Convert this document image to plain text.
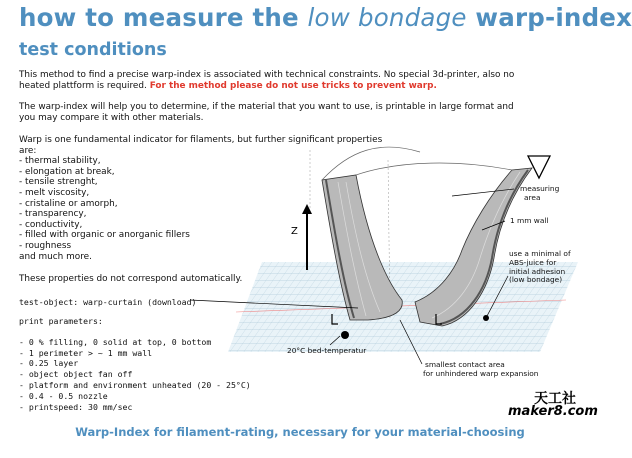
how to measure the low bondage warp-index
test conditions

This method to find a precise warp-index is associated with technical constraints. No special 3d-printer, also no
heated plattform is required. For the method please do not use tricks to prevent warp.

The warp-index will help you to determine, if the material that you want to use, is printable in large format and
you may compare it with other materials.

Warp is one fundamental indicator for filaments, but further significant properties
are:
- thermal stability,
- elongation at break,
- tensile strenght,
- melt viscosity,
- cristaline or amorph,
- transparency,
- conductivity,
- filled with organic or anorganic fillers
- roughness
and much more.

These properties do not correspond automatically.

test-object: warp-curtain (download)
print parameters:
- 0 % filling, 0 solid at top, 0 bottom
- 1 perimeter > ~ 1 mm wall
- 0.25 layer
- object object fan off
- platform and environment unheated (20 - 25°C)
- 0.4 - 0.5 nozzle
- printspeed: 30 mm/sec
Z
measuring
area
1 mm wall
use a minimal of
ABS-juice for
initial adhesion
(low bondage)
20°C bed-temperatur
smallest contact area
for unhindered warp expansion
天工社
maker8.com
Warp-Index for filament-rating, necessary for your material-choosing
